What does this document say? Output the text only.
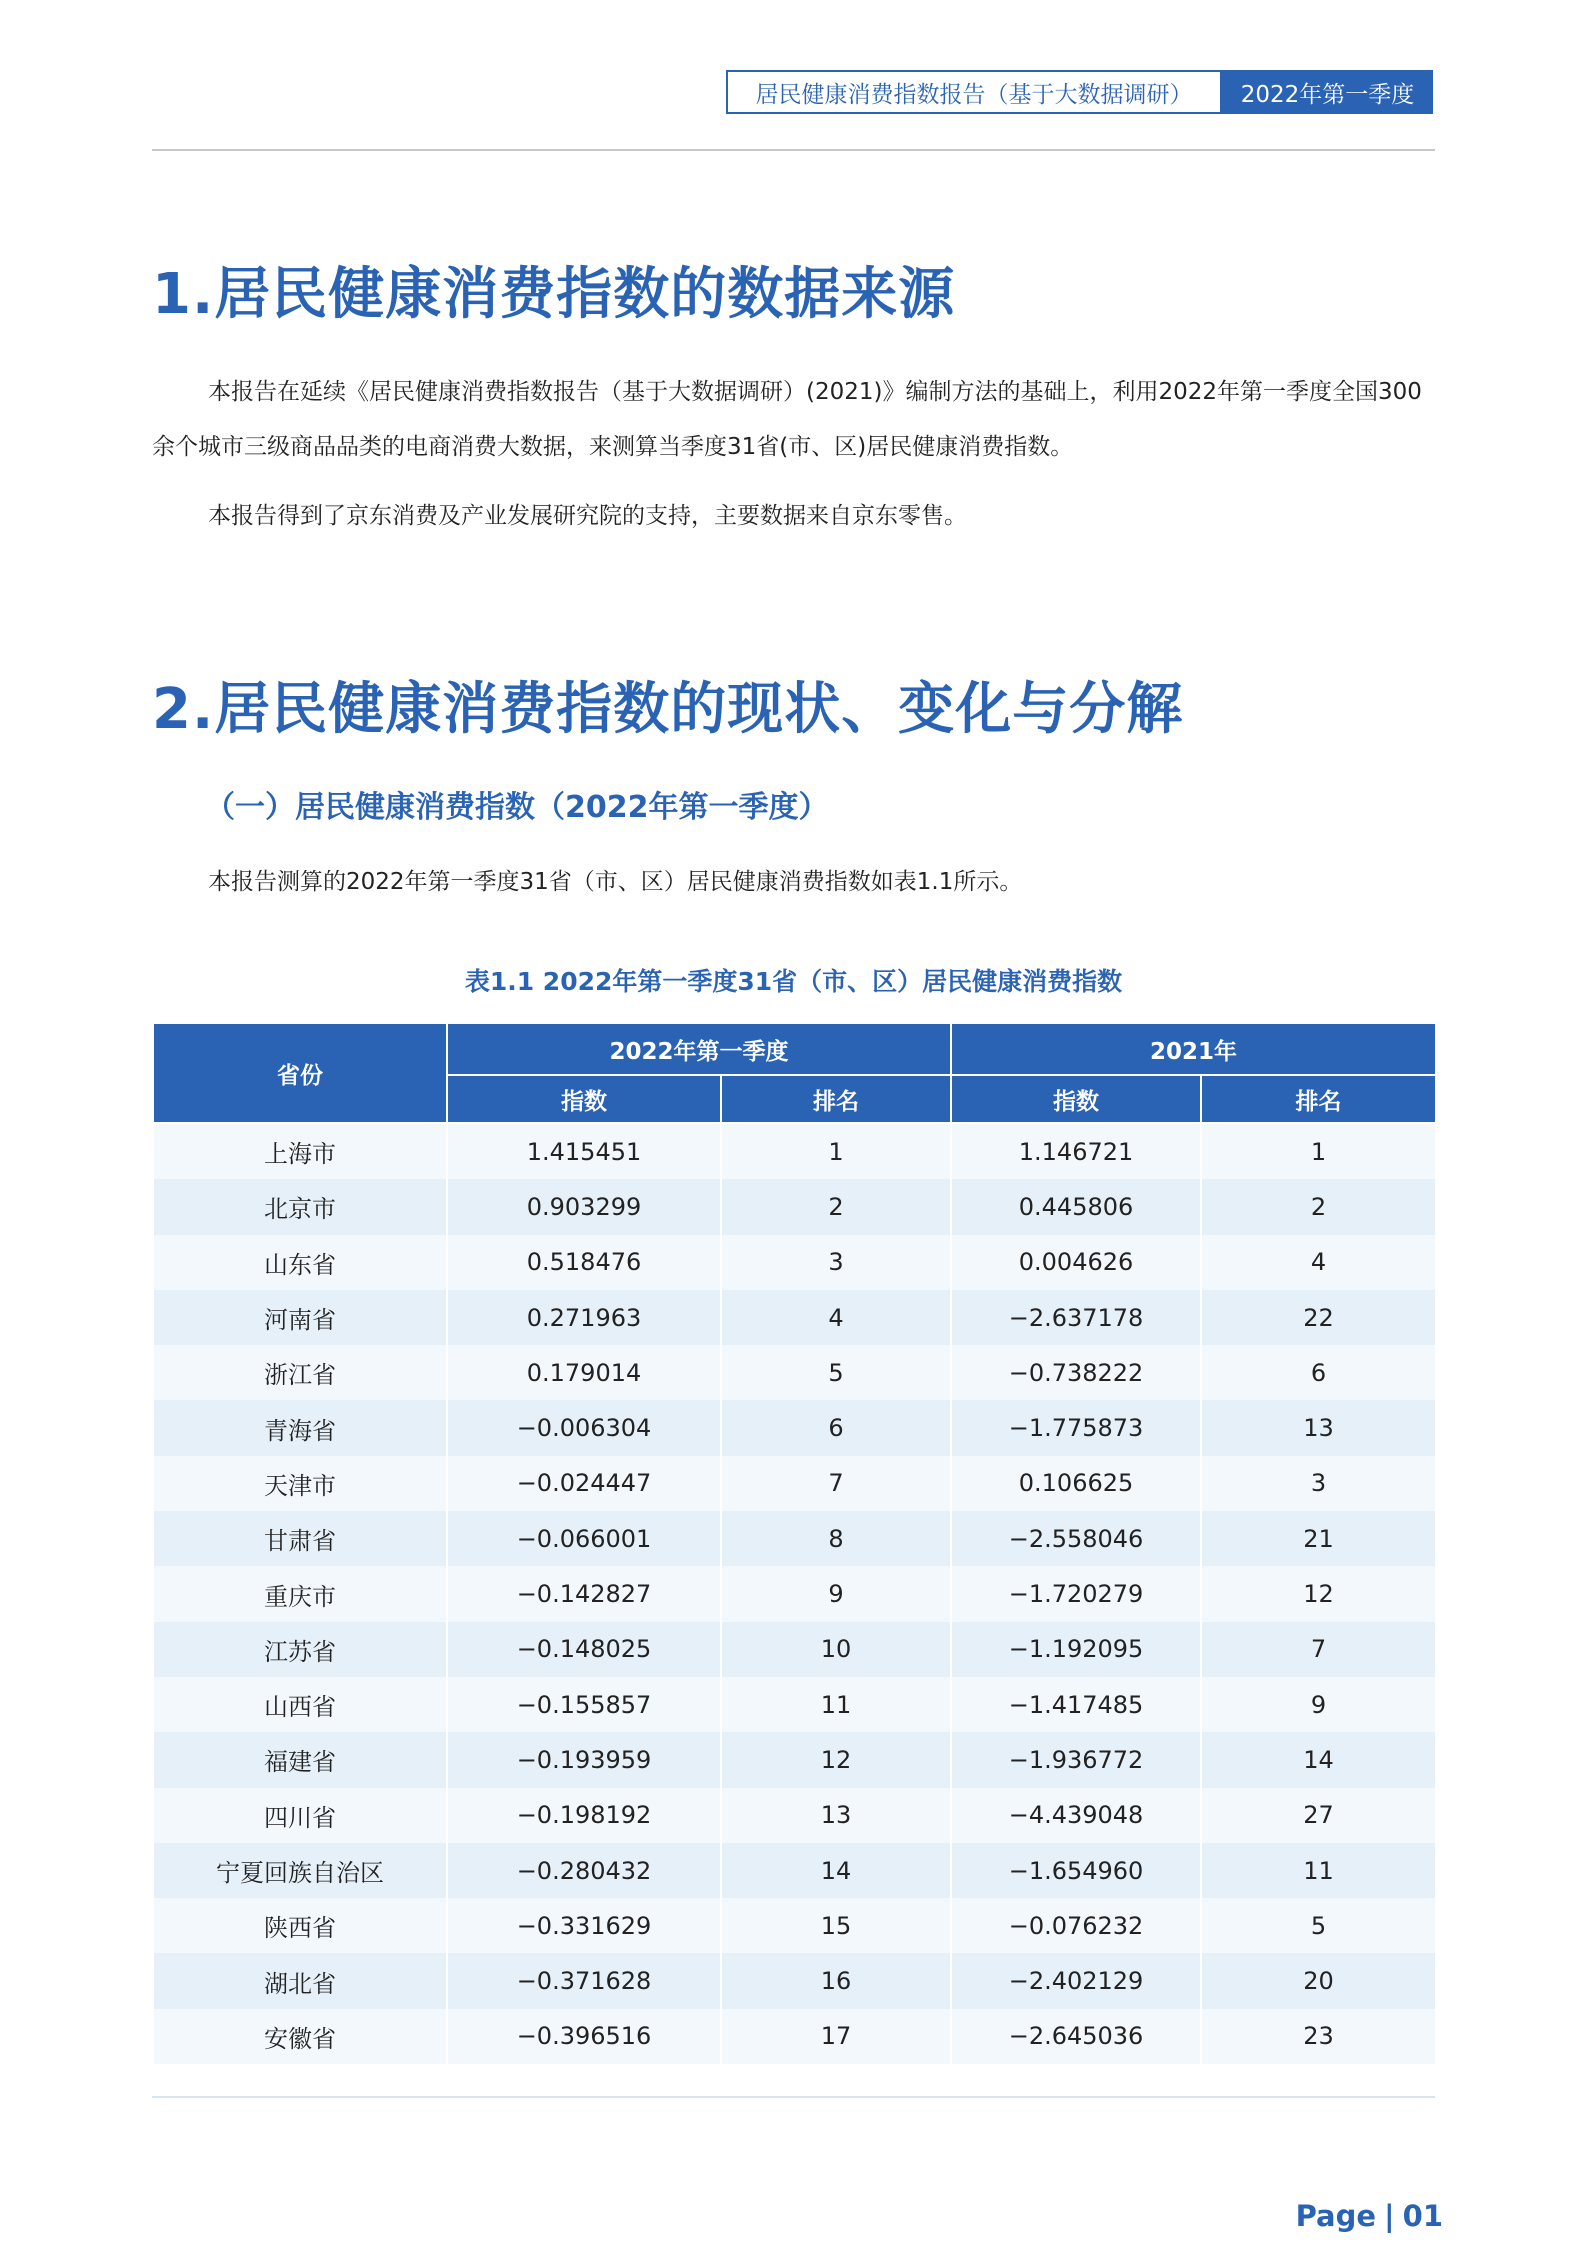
居民健康消费指数报告（基于大数据调研）	2022年第一季度
1.居民健康消费指数的数据来源

本报告在延续《居民健康消费指数报告（基于大数据调研）(2021)》编制方法的基础上，利用2022年第一季度全国300余个城市三级商品品类的电商消费大数据，来测算当季度31省(市、区)居民健康消费指数。

本报告得到了京东消费及产业发展研究院的支持，主要数据来自京东零售。

2.居民健康消费指数的现状、变化与分解
（一）居民健康消费指数（2022年第一季度）

本报告测算的2022年第一季度31省（市、区）居民健康消费指数如表1.1所示。

表1.1 2022年第一季度31省（市、区）居民健康消费指数
省份	2022年第一季度		2021年	
	指数	排名	指数	排名
上海市	1.415451	1	1.146721	1
北京市	0.903299	2	0.445806	2
山东省	0.518476	3	0.004626	4
河南省	0.271963	4	−2.637178	22
浙江省	0.179014	5	−0.738222	6
青海省	−0.006304	6	−1.775873	13
天津市	−0.024447	7	0.106625	3
甘肃省	−0.066001	8	−2.558046	21
重庆市	−0.142827	9	−1.720279	12
江苏省	−0.148025	10	−1.192095	7
山西省	−0.155857	11	−1.417485	9
福建省	−0.193959	12	−1.936772	14
四川省	−0.198192	13	−4.439048	27
宁夏回族自治区	−0.280432	14	−1.654960	11
陕西省	−0.331629	15	−0.076232	5
湖北省	−0.371628	16	−2.402129	20
安徽省	−0.396516	17	−2.645036	23
Page | 01
